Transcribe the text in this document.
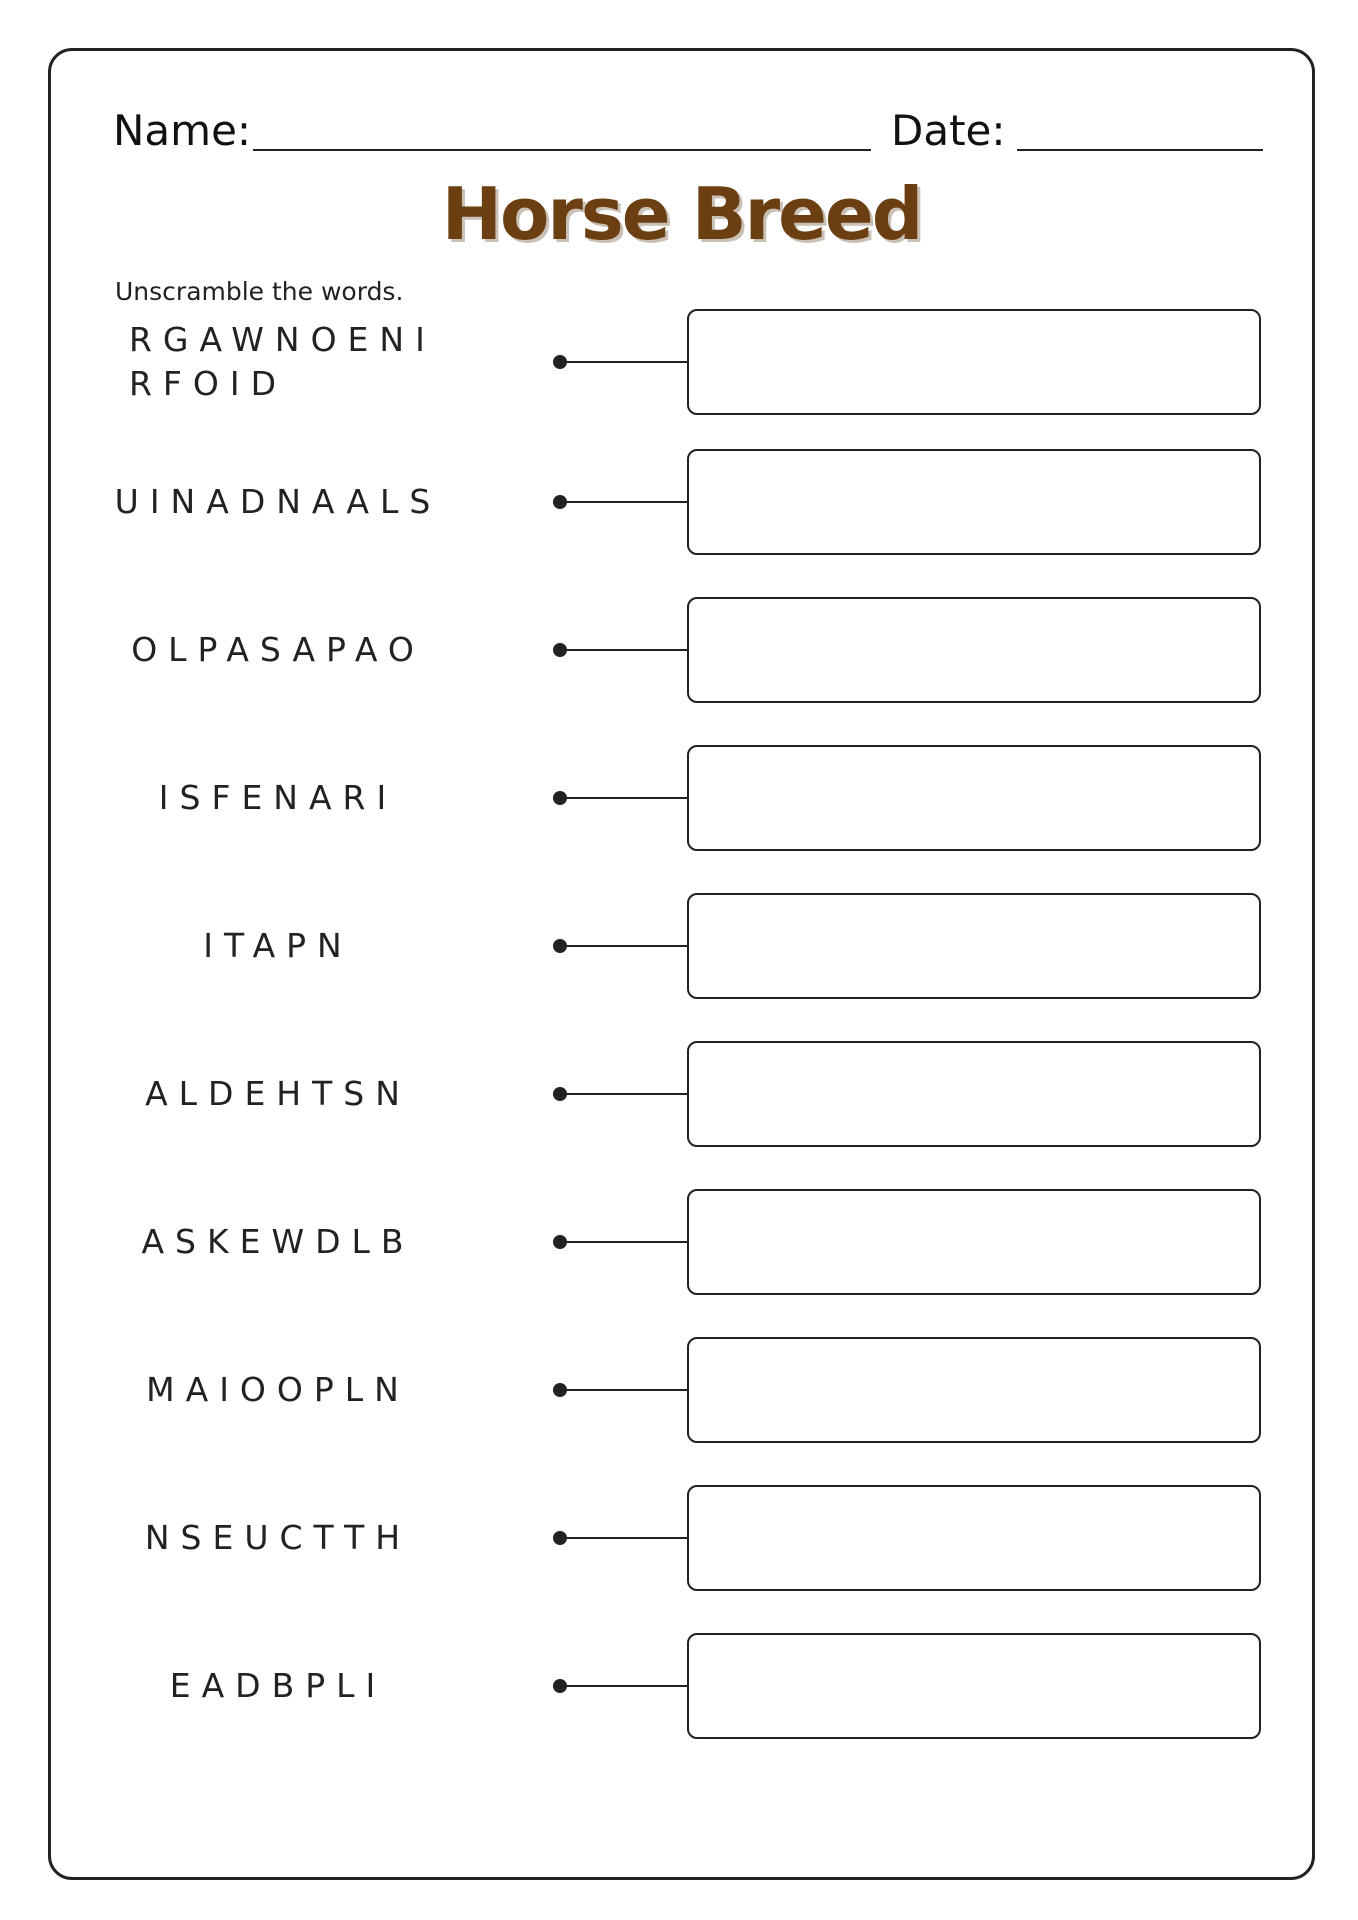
Name:	Date:
Horse Breed
Unscramble the words.
RGAWNOENI
RFOID
UINADNAALS
OLPASAPAO
ISFENARI
ITAPN
ALDEHTSN
ASKEWDLB
MAIOOPLN
NSEUCTTH
EADBPLI
